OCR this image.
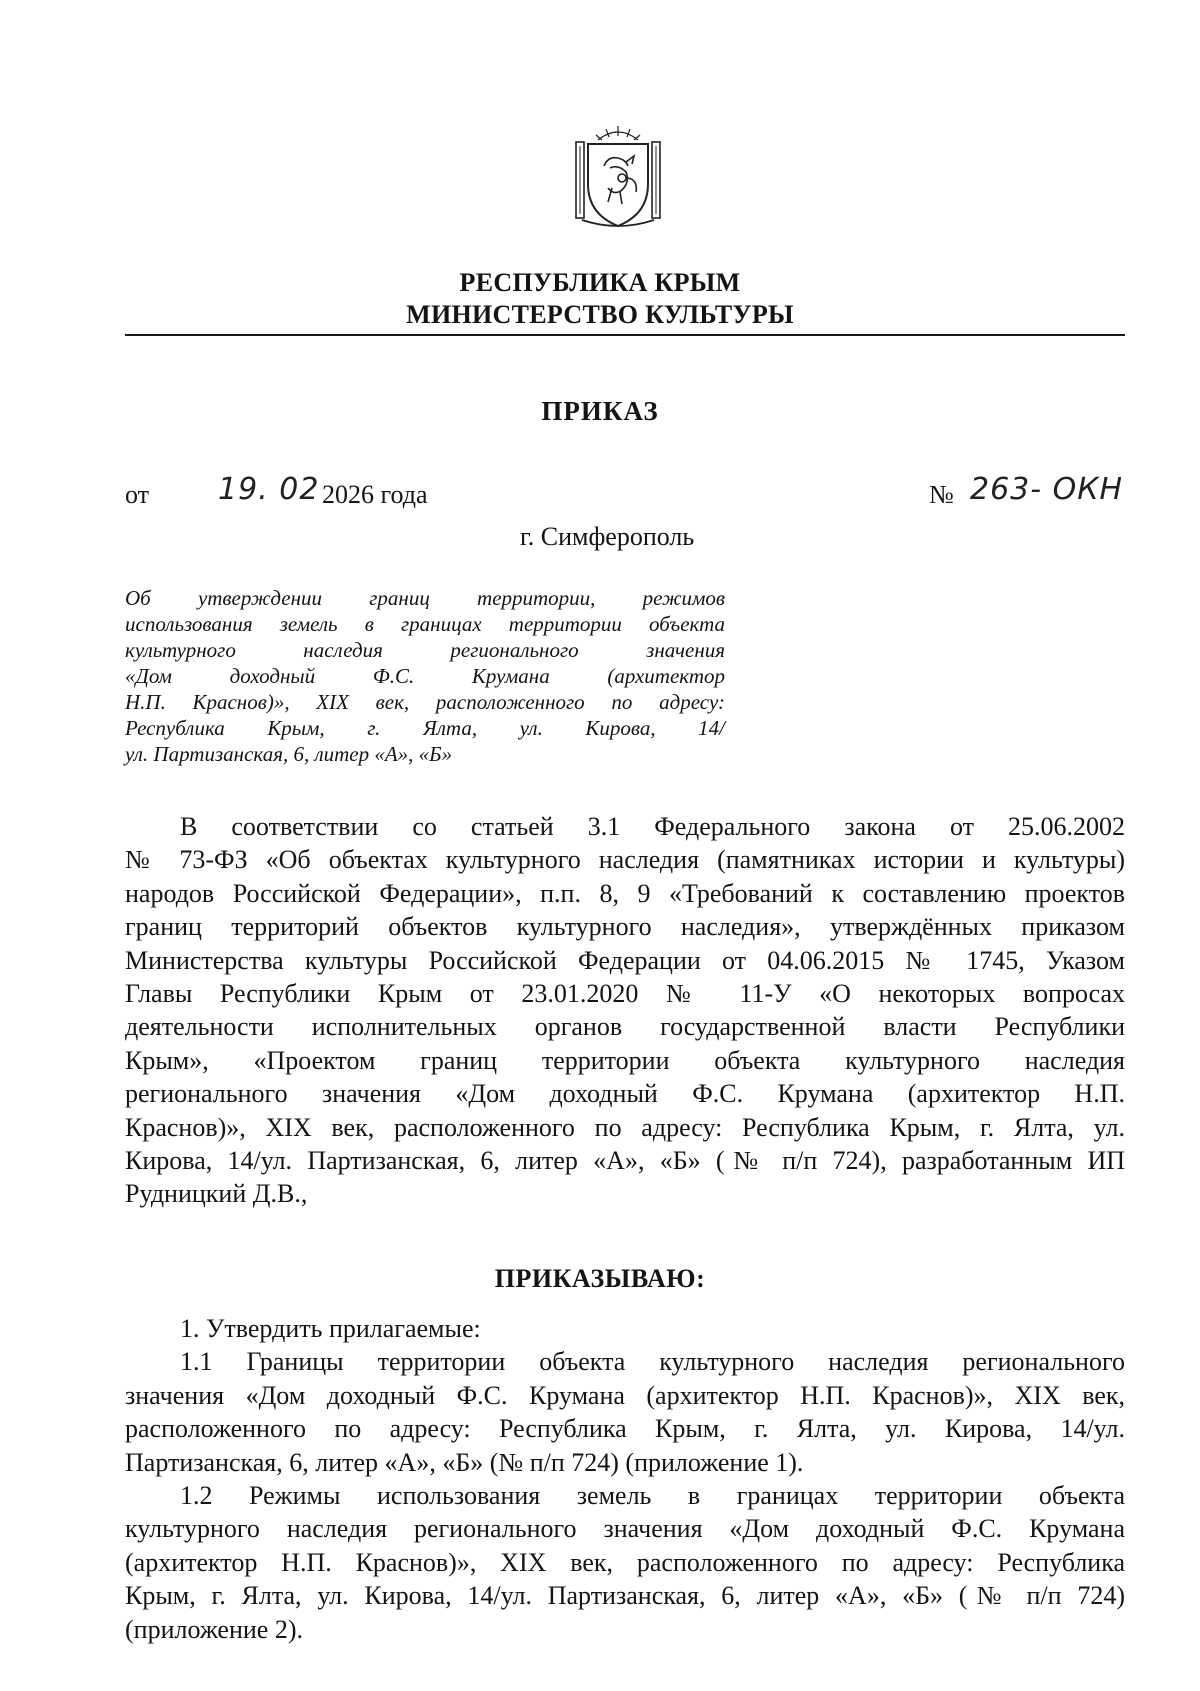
РЕСПУБЛИКА КРЫМ
МИНИСТЕРСТВО КУЛЬТУРЫ
ПРИКАЗ
от 19. 02 2026 года	№ 263- ОКН
г. Симферополь
Об утверждении границ территории, режимов
использования земель в границах территории объекта
культурного наследия регионального значения
«Дом доходный Ф.С. Крумана (архитектор
Н.П. Краснов)», XIX век, расположенного по адресу:
Республика Крым, г. Ялта, ул. Кирова, 14/
ул. Партизанская, 6, литер «А», «Б»
В соответствии со статьей 3.1 Федерального закона от 25.06.2002
№ 73-ФЗ «Об объектах культурного наследия (памятниках истории и культуры)
народов Российской Федерации», п.п. 8, 9 «Требований к составлению проектов
границ территорий объектов культурного наследия», утверждённых приказом
Министерства культуры Российской Федерации от 04.06.2015 № 1745, Указом
Главы Республики Крым от 23.01.2020 № 11-У «О некоторых вопросах
деятельности исполнительных органов государственной власти Республики
Крым», «Проектом границ территории объекта культурного наследия
регионального значения «Дом доходный Ф.С. Крумана (архитектор Н.П.
Краснов)», XIX век, расположенного по адресу: Республика Крым, г. Ялта, ул.
Кирова, 14/ул. Партизанская, 6, литер «А», «Б» (№ п/п 724), разработанным ИП
Рудницкий Д.В.,
ПРИКАЗЫВАЮ:
1. Утвердить прилагаемые:
1.1 Границы территории объекта культурного наследия регионального
значения «Дом доходный Ф.С. Крумана (архитектор Н.П. Краснов)», XIX век,
расположенного по адресу: Республика Крым, г. Ялта, ул. Кирова, 14/ул.
Партизанская, 6, литер «А», «Б» (№ п/п 724) (приложение 1).
1.2 Режимы использования земель в границах территории объекта
культурного наследия регионального значения «Дом доходный Ф.С. Крумана
(архитектор Н.П. Краснов)», XIX век, расположенного по адресу: Республика
Крым, г. Ялта, ул. Кирова, 14/ул. Партизанская, 6, литер «А», «Б» (№ п/п 724)
(приложение 2).
